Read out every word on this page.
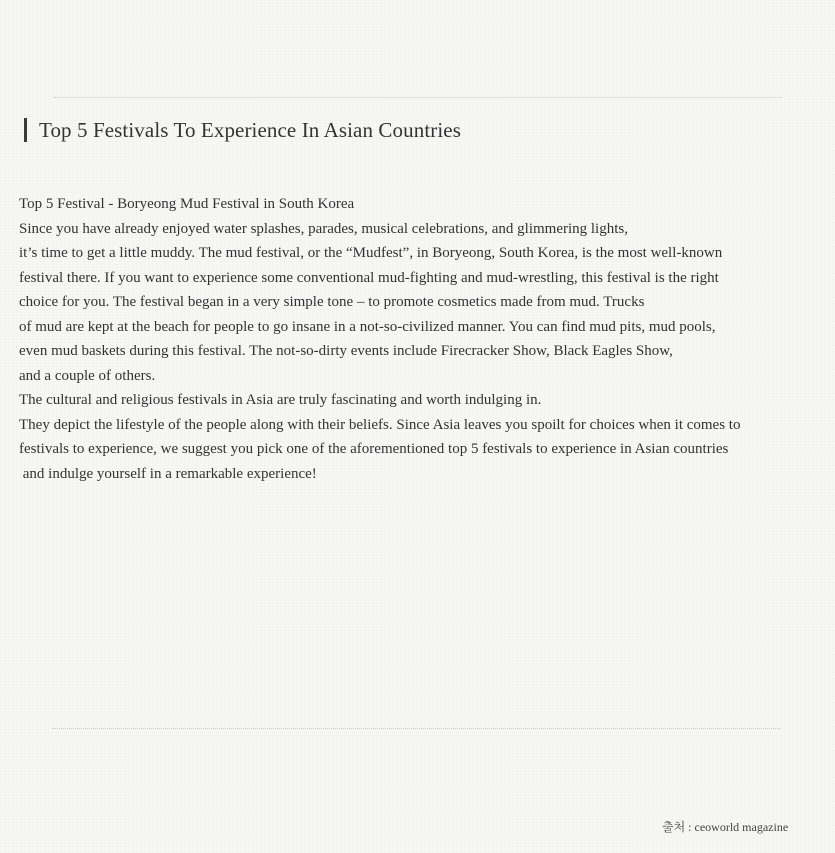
Top 5 Festivals To Experience In Asian Countries
Top 5 Festival - Boryeong Mud Festival in South Korea
Since you have already enjoyed water splashes, parades, musical celebrations, and glimmering lights,
it’s time to get a little muddy. The mud festival, or the “Mudfest”, in Boryeong, South Korea, is the most well-known
festival there. If you want to experience some conventional mud-fighting and mud-wrestling, this festival is the right
choice for you. The festival began in a very simple tone – to promote cosmetics made from mud. Trucks
of mud are kept at the beach for people to go insane in a not-so-civilized manner. You can find mud pits, mud pools,
even mud baskets during this festival. The not-so-dirty events include Firecracker Show, Black Eagles Show,
and a couple of others.
The cultural and religious festivals in Asia are truly fascinating and worth indulging in.
They depict the lifestyle of the people along with their beliefs. Since Asia leaves you spoilt for choices when it comes to
festivals to experience, we suggest you pick one of the aforementioned top 5 festivals to experience in Asian countries
and indulge yourself in a remarkable experience!
출처 : ceoworld magazine
